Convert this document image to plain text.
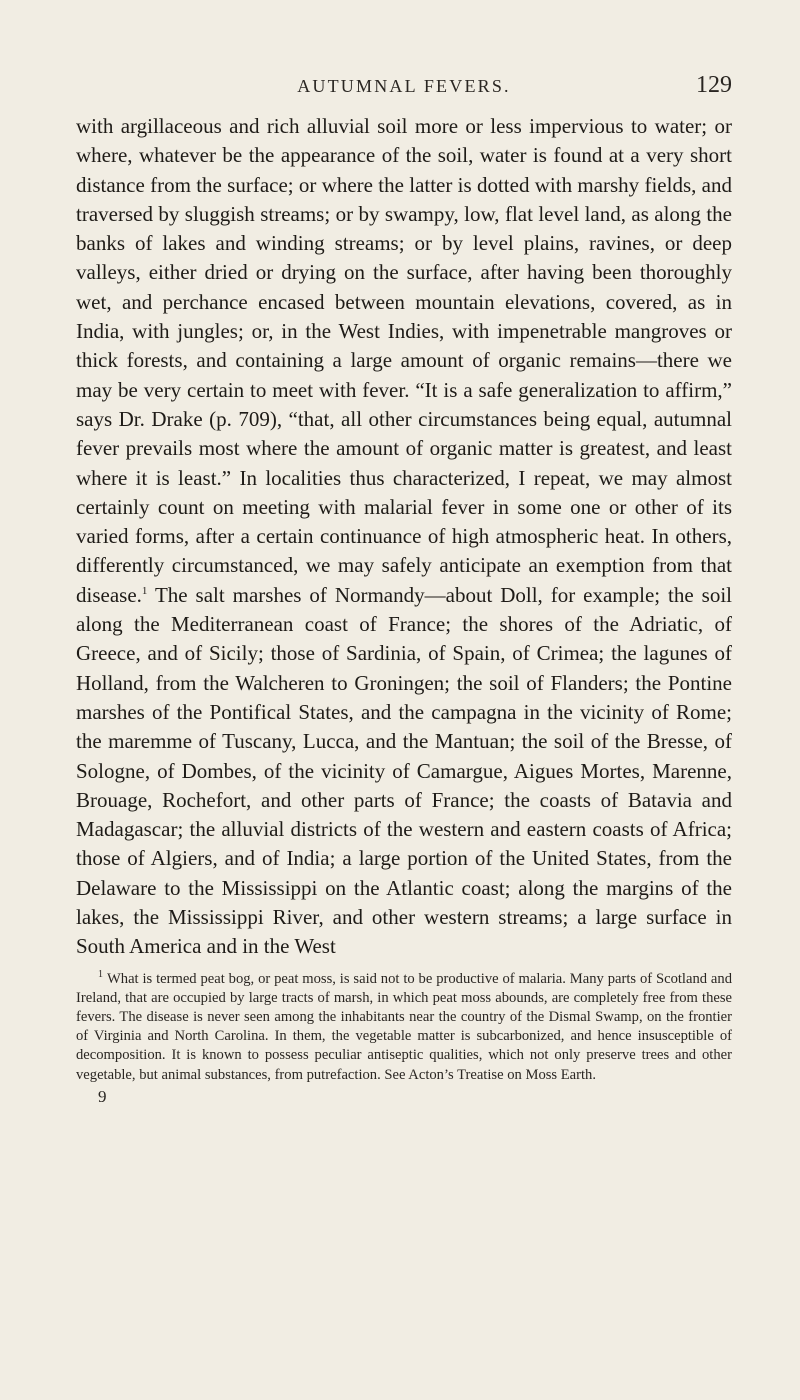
AUTUMNAL FEVERS.	129

with argillaceous and rich alluvial soil more or less impervious to water; or where, whatever be the appearance of the soil, water is found at a very short distance from the surface; or where the latter is dotted with marshy fields, and traversed by sluggish streams; or by swampy, low, flat level land, as along the banks of lakes and winding streams; or by level plains, ravines, or deep valleys, either dried or drying on the surface, after having been thoroughly wet, and perchance encased between mountain elevations, covered, as in India, with jungles; or, in the West Indies, with impenetrable mangroves or thick forests, and containing a large amount of organic remains—there we may be very certain to meet with fever. “It is a safe generalization to affirm,” says Dr. Drake (p. 709), “that, all other circumstances being equal, autumnal fever prevails most where the amount of organic matter is greatest, and least where it is least.” In localities thus characterized, I repeat, we may almost certainly count on meeting with malarial fever in some one or other of its varied forms, after a certain continuance of high atmospheric heat. In others, differently circumstanced, we may safely anticipate an exemption from that disease.$^1$ The salt marshes of Normandy—about Doll, for example; the soil along the Mediterranean coast of France; the shores of the Adriatic, of Greece, and of Sicily; those of Sardinia, of Spain, of Crimea; the lagunes of Holland, from the Walcheren to Groningen; the soil of Flanders; the Pontine marshes of the Pontifical States, and the campagna in the vicinity of Rome; the maremme of Tuscany, Lucca, and the Mantuan; the soil of the Bresse, of Sologne, of Dombes, of the vicinity of Camargue, Aigues Mortes, Marenne, Brouage, Rochefort, and other parts of France; the coasts of Batavia and Madagascar; the alluvial districts of the western and eastern coasts of Africa; those of Algiers, and of India; a large portion of the United States, from the Delaware to the Mississippi on the Atlantic coast; along the margins of the lakes, the Mississippi River, and other western streams; a large surface in South America and in the West

$^1$ What is termed peat bog, or peat moss, is said not to be productive of malaria. Many parts of Scotland and Ireland, that are occupied by large tracts of marsh, in which peat moss abounds, are completely free from these fevers. The disease is never seen among the inhabitants near the country of the Dismal Swamp, on the frontier of Virginia and North Carolina. In them, the vegetable matter is subcarbonized, and hence insusceptible of decomposition. It is known to possess peculiar antiseptic qualities, which not only preserve trees and other vegetable, but animal substances, from putrefaction. See Acton’s Treatise on Moss Earth.

9
